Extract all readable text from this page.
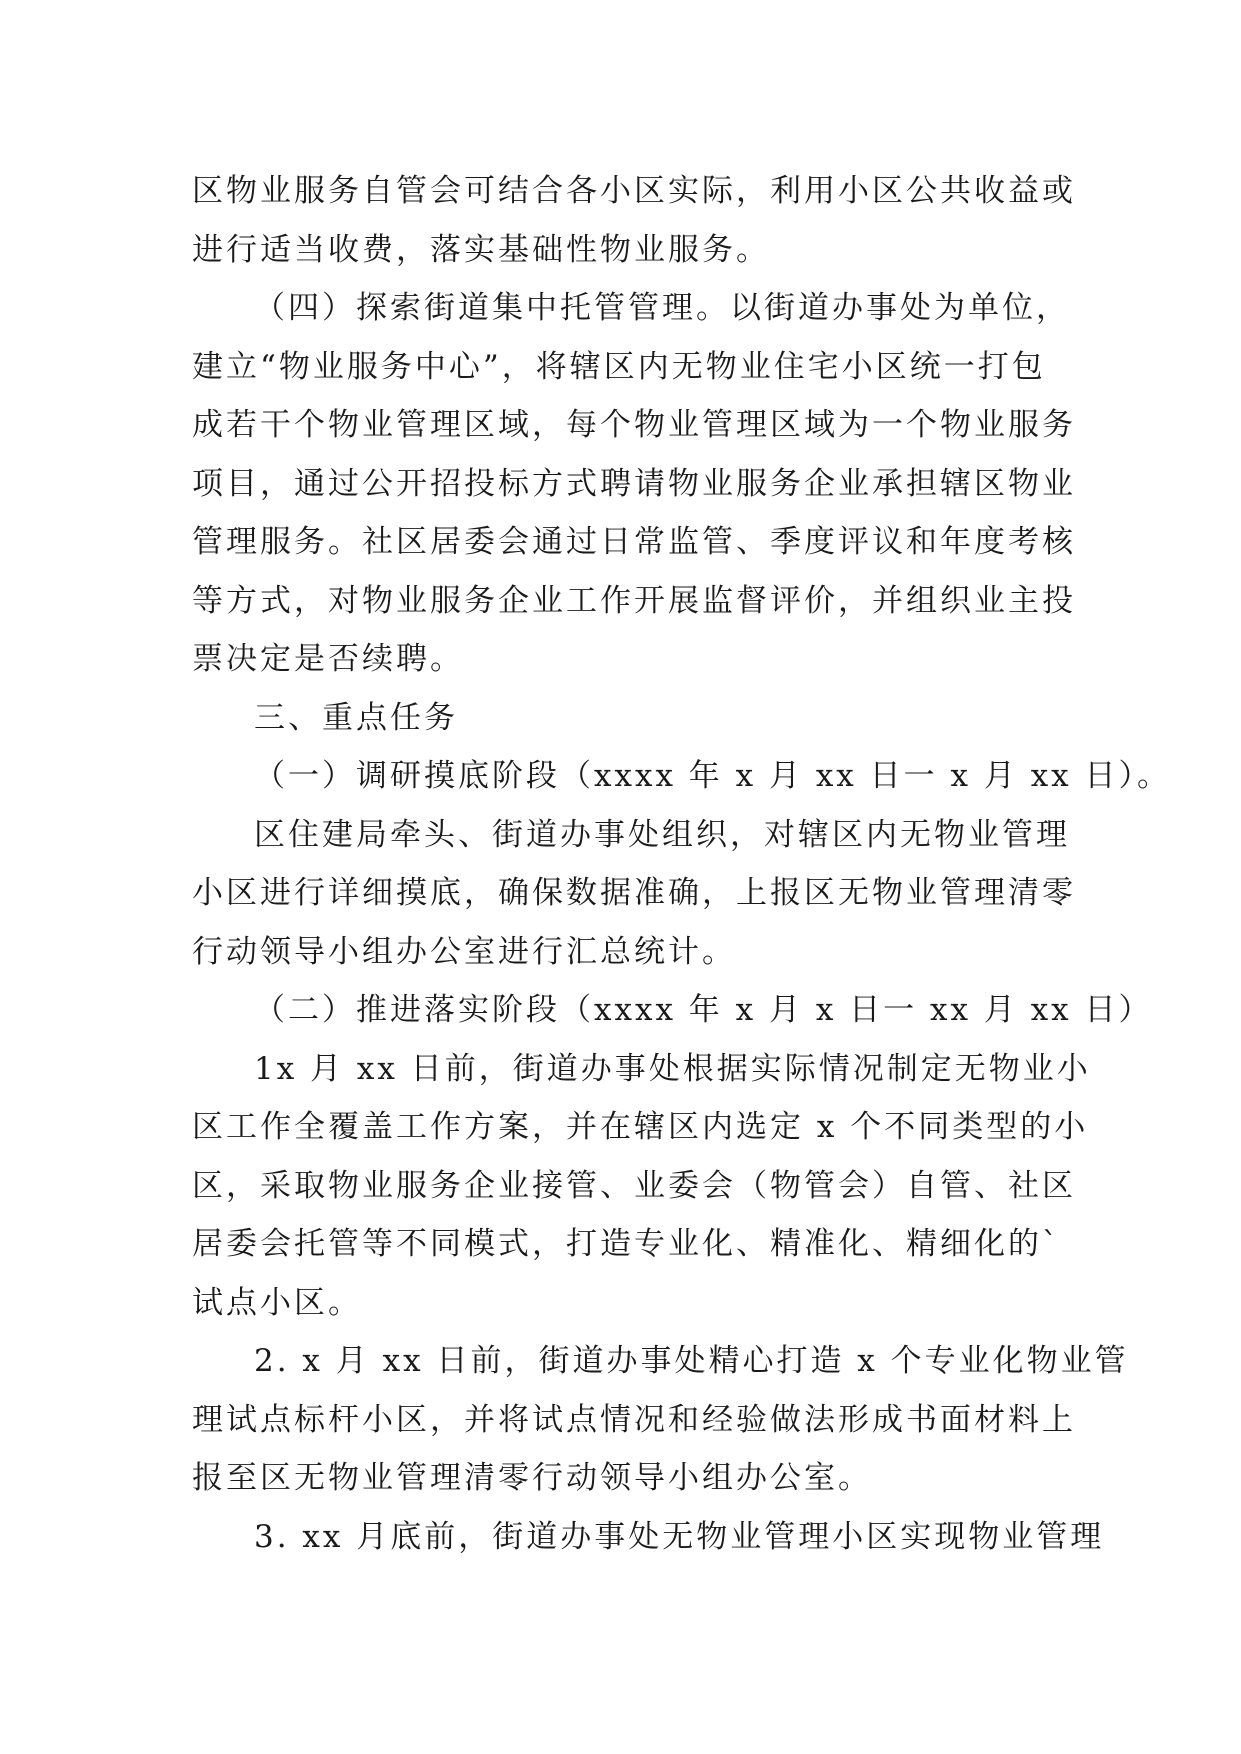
区物业服务自管会可结合各小区实际，利用小区公共收益或
进行适当收费，落实基础性物业服务。
（四）探索街道集中托管管理。以街道办事处为单位，
建立“物业服务中心”，将辖区内无物业住宅小区统一打包
成若干个物业管理区域，每个物业管理区域为一个物业服务
项目，通过公开招投标方式聘请物业服务企业承担辖区物业
管理服务。社区居委会通过日常监管、季度评议和年度考核
等方式，对物业服务企业工作开展监督评价，并组织业主投
票决定是否续聘。
三、重点任务
（一）调研摸底阶段（xxxx 年 x 月 xx 日一 x 月 xx 日）。
区住建局牵头、街道办事处组织，对辖区内无物业管理
小区进行详细摸底，确保数据准确，上报区无物业管理清零
行动领导小组办公室进行汇总统计。
（二）推进落实阶段（xxxx 年 x 月 x 日一 xx 月 xx 日）
1x 月 xx 日前，街道办事处根据实际情况制定无物业小
区工作全覆盖工作方案，并在辖区内选定 x 个不同类型的小
区，采取物业服务企业接管、业委会（物管会）自管、社区
居委会托管等不同模式，打造专业化、精准化、精细化的`
试点小区。
2. x 月 xx 日前，街道办事处精心打造 x 个专业化物业管
理试点标杆小区，并将试点情况和经验做法形成书面材料上
报至区无物业管理清零行动领导小组办公室。
3. xx 月底前，街道办事处无物业管理小区实现物业管理
